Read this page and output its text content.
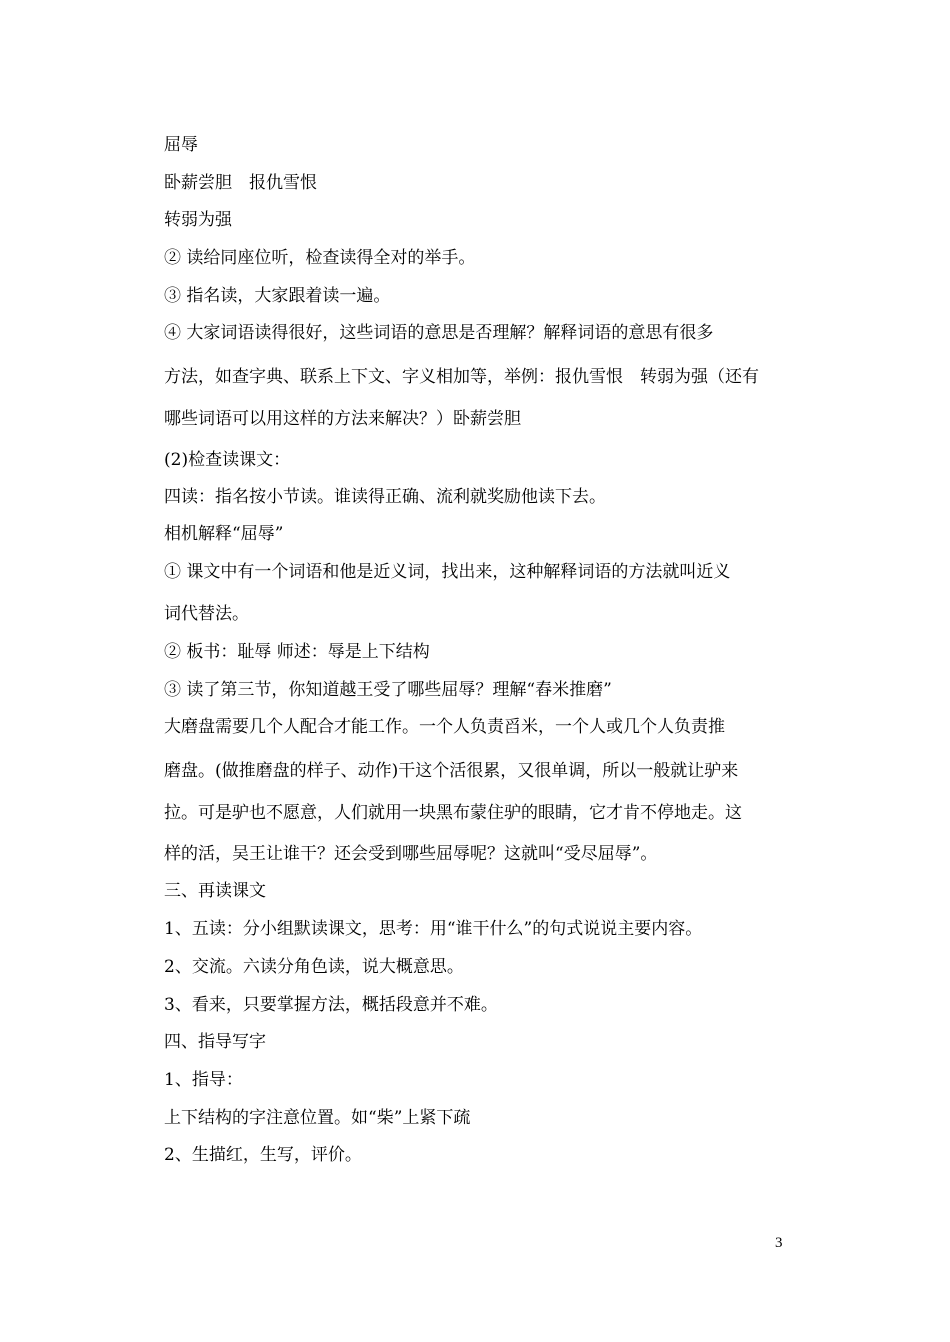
屈辱
卧薪尝胆　报仇雪恨
转弱为强
② 读给同座位听，检查读得全对的举手。
③ 指名读，大家跟着读一遍。
④ 大家词语读得很好，这些词语的意思是否理解？解释词语的意思有很多
方法，如查字典、联系上下文、字义相加等，举例：报仇雪恨　转弱为强（还有
哪些词语可以用这样的方法来解决？）卧薪尝胆
(2)检查读课文：
四读：指名按小节读。谁读得正确、流利就奖励他读下去。
相机解释“屈辱”
① 课文中有一个词语和他是近义词，找出来，这种解释词语的方法就叫近义
词代替法。
② 板书：耻辱 师述：辱是上下结构
③ 读了第三节，你知道越王受了哪些屈辱？理解“舂米推磨”
大磨盘需要几个人配合才能工作。一个人负责舀米，一个人或几个人负责推
磨盘。(做推磨盘的样子、动作)干这个活很累，又很单调，所以一般就让驴来
拉。可是驴也不愿意，人们就用一块黑布蒙住驴的眼睛，它才肯不停地走。这
样的活，吴王让谁干？还会受到哪些屈辱呢？这就叫“受尽屈辱”。
三、再读课文
1、五读：分小组默读课文，思考：用“谁干什么”的句式说说主要内容。
2、交流。六读分角色读，说大概意思。
3、看来，只要掌握方法，概括段意并不难。
四、指导写字
1、指导：
上下结构的字注意位置。如“柴”上紧下疏
2、生描红，生写，评价。
3
